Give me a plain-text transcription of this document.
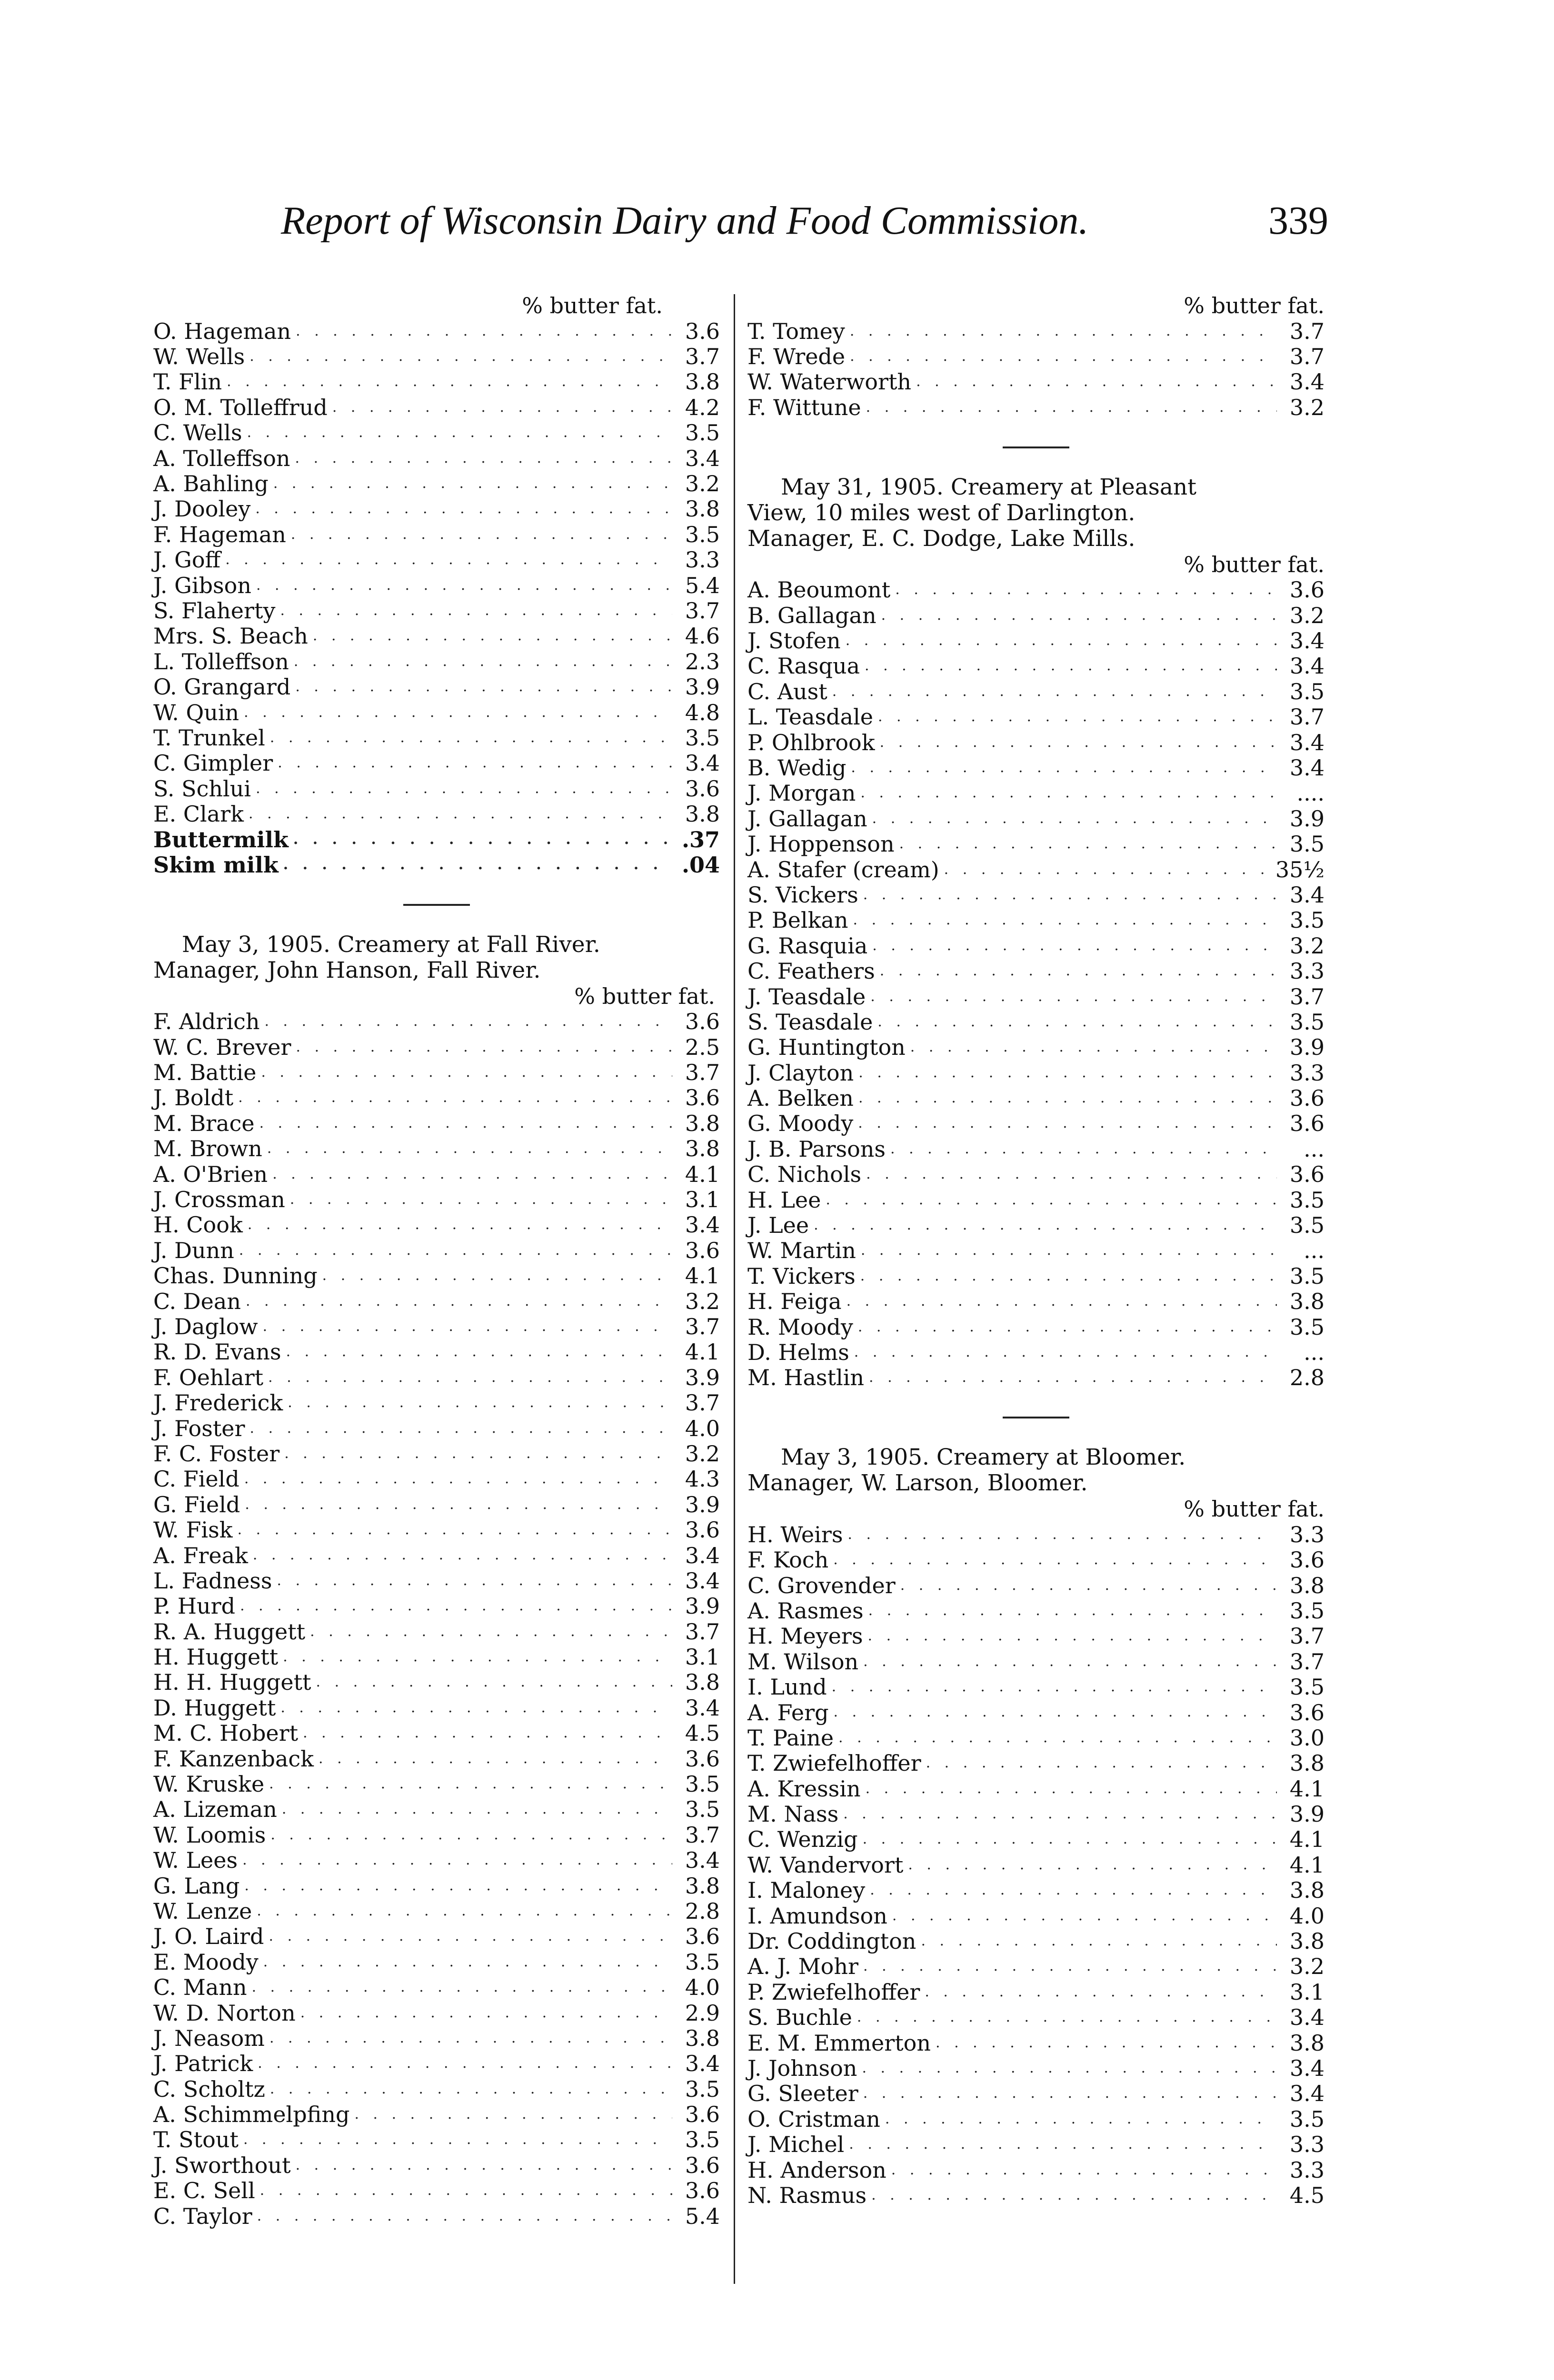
Report of Wisconsin Dairy and Food Commission.	339
% butter fat.
O. Hageman . . .	3.6
W. Wells . . .	3.7
T. Flin . . .	3.8
O. M. Tolleffrud . . .	4.2
C. Wells . . .	3.5
A. Tolleffson . . .	3.4
A. Bahling . . .	3.2
J. Dooley . . .	3.8
F. Hageman . . .	3.5
J. Goff . . .	3.3
J. Gibson . . .	5.4
S. Flaherty . . .	3.7
Mrs. S. Beach . . .	4.6
L. Tolleffson . . .	2.3
O. Grangard . . .	3.9
W. Quin . . .	4.8
T. Trunkel . . .	3.5
C. Gimpler . . .	3.4
S. Schlui . . .	3.6
E. Clark . . .	3.8
Buttermilk . . .	.37
Skim milk . . .	.04
May 3, 1905. Creamery at Fall River.
Manager, John Hanson, Fall River.
% butter fat.
F. Aldrich . . .	3.6
W. C. Brever . . .	2.5
M. Battie . . .	3.7
J. Boldt . . .	3.6
M. Brace . . .	3.8
M. Brown . . .	3.8
A. O'Brien . . .	4.1
J. Crossman . . .	3.1
H. Cook . . .	3.4
J. Dunn . . .	3.6
Chas. Dunning . . .	4.1
C. Dean . . .	3.2
J. Daglow . . .	3.7
R. D. Evans . . .	4.1
F. Oehlart . . .	3.9
J. Frederick . . .	3.7
J. Foster . . .	4.0
F. C. Foster . . .	3.2
C. Field . . .	4.3
G. Field . . .	3.9
W. Fisk . . .	3.6
A. Freak . . .	3.4
L. Fadness . . .	3.4
P. Hurd . . .	3.9
R. A. Huggett . . .	3.7
H. Huggett . . .	3.1
H. H. Huggett . . .	3.8
D. Huggett . . .	3.4
M. C. Hobert . . .	4.5
F. Kanzenback . . .	3.6
W. Kruske . . .	3.5
A. Lizeman . . .	3.5
W. Loomis . . .	3.7
W. Lees . . .	3.4
G. Lang . . .	3.8
W. Lenze . . .	2.8
J. O. Laird . . .	3.6
E. Moody . . .	3.5
C. Mann . . .	4.0
W. D. Norton . . .	2.9
J. Neasom . . .	3.8
J. Patrick . . .	3.4
C. Scholtz . . .	3.5
A. Schimmelpfing . . .	3.6
T. Stout . . .	3.5
J. Sworthout . . .	3.6
E. C. Sell . . .	3.6
C. Taylor . . .	5.4
% butter fat.
T. Tomey . . .	3.7
F. Wrede . . .	3.7
W. Waterworth . . .	3.4
F. Wittune . . .	3.2
May 31, 1905. Creamery at Pleasant
View, 10 miles west of Darlington.
Manager, E. C. Dodge, Lake Mills.
% butter fat.
A. Beoumont . . .	3.6
B. Gallagan . . .	3.2
J. Stofen . . .	3.4
C. Rasqua . . .	3.4
C. Aust . . .	3.5
L. Teasdale . . .	3.7
P. Ohlbrook . . .	3.4
B. Wedig . . .	3.4
J. Morgan . . .	....
J. Gallagan . . .	3.9
J. Hoppenson . . .	3.5
A. Stafer (cream) . . .	35½
S. Vickers . . .	3.4
P. Belkan . . .	3.5
G. Rasquia . . .	3.2
C. Feathers . . .	3.3
J. Teasdale . . .	3.7
S. Teasdale . . .	3.5
G. Huntington . . .	3.9
J. Clayton . . .	3.3
A. Belken . . .	3.6
G. Moody . . .	3.6
J. B. Parsons . . .	...
C. Nichols . . .	3.6
H. Lee . . .	3.5
J. Lee . . .	3.5
W. Martin . . .	...
T. Vickers . . .	3.5
H. Feiga . . .	3.8
R. Moody . . .	3.5
D. Helms . . .	...
M. Hastlin . . .	2.8
May 3, 1905. Creamery at Bloomer.
Manager, W. Larson, Bloomer.
% butter fat.
H. Weirs . . .	3.3
F. Koch . . .	3.6
C. Grovender . . .	3.8
A. Rasmes . . .	3.5
H. Meyers . . .	3.7
M. Wilson . . .	3.7
I. Lund . . .	3.5
A. Ferg . . .	3.6
T. Paine . . .	3.0
T. Zwiefelhoffer . . .	3.8
A. Kressin . . .	4.1
M. Nass . . .	3.9
C. Wenzig . . .	4.1
W. Vandervort . . .	4.1
I. Maloney . . .	3.8
I. Amundson . . .	4.0
Dr. Coddington . . .	3.8
A. J. Mohr . . .	3.2
P. Zwiefelhoffer . . .	3.1
S. Buchle . . .	3.4
E. M. Emmerton . . .	3.8
J. Johnson . . .	3.4
G. Sleeter . . .	3.4
O. Cristman . . .	3.5
J. Michel . . .	3.3
H. Anderson . . .	3.3
N. Rasmus . . .	4.5
